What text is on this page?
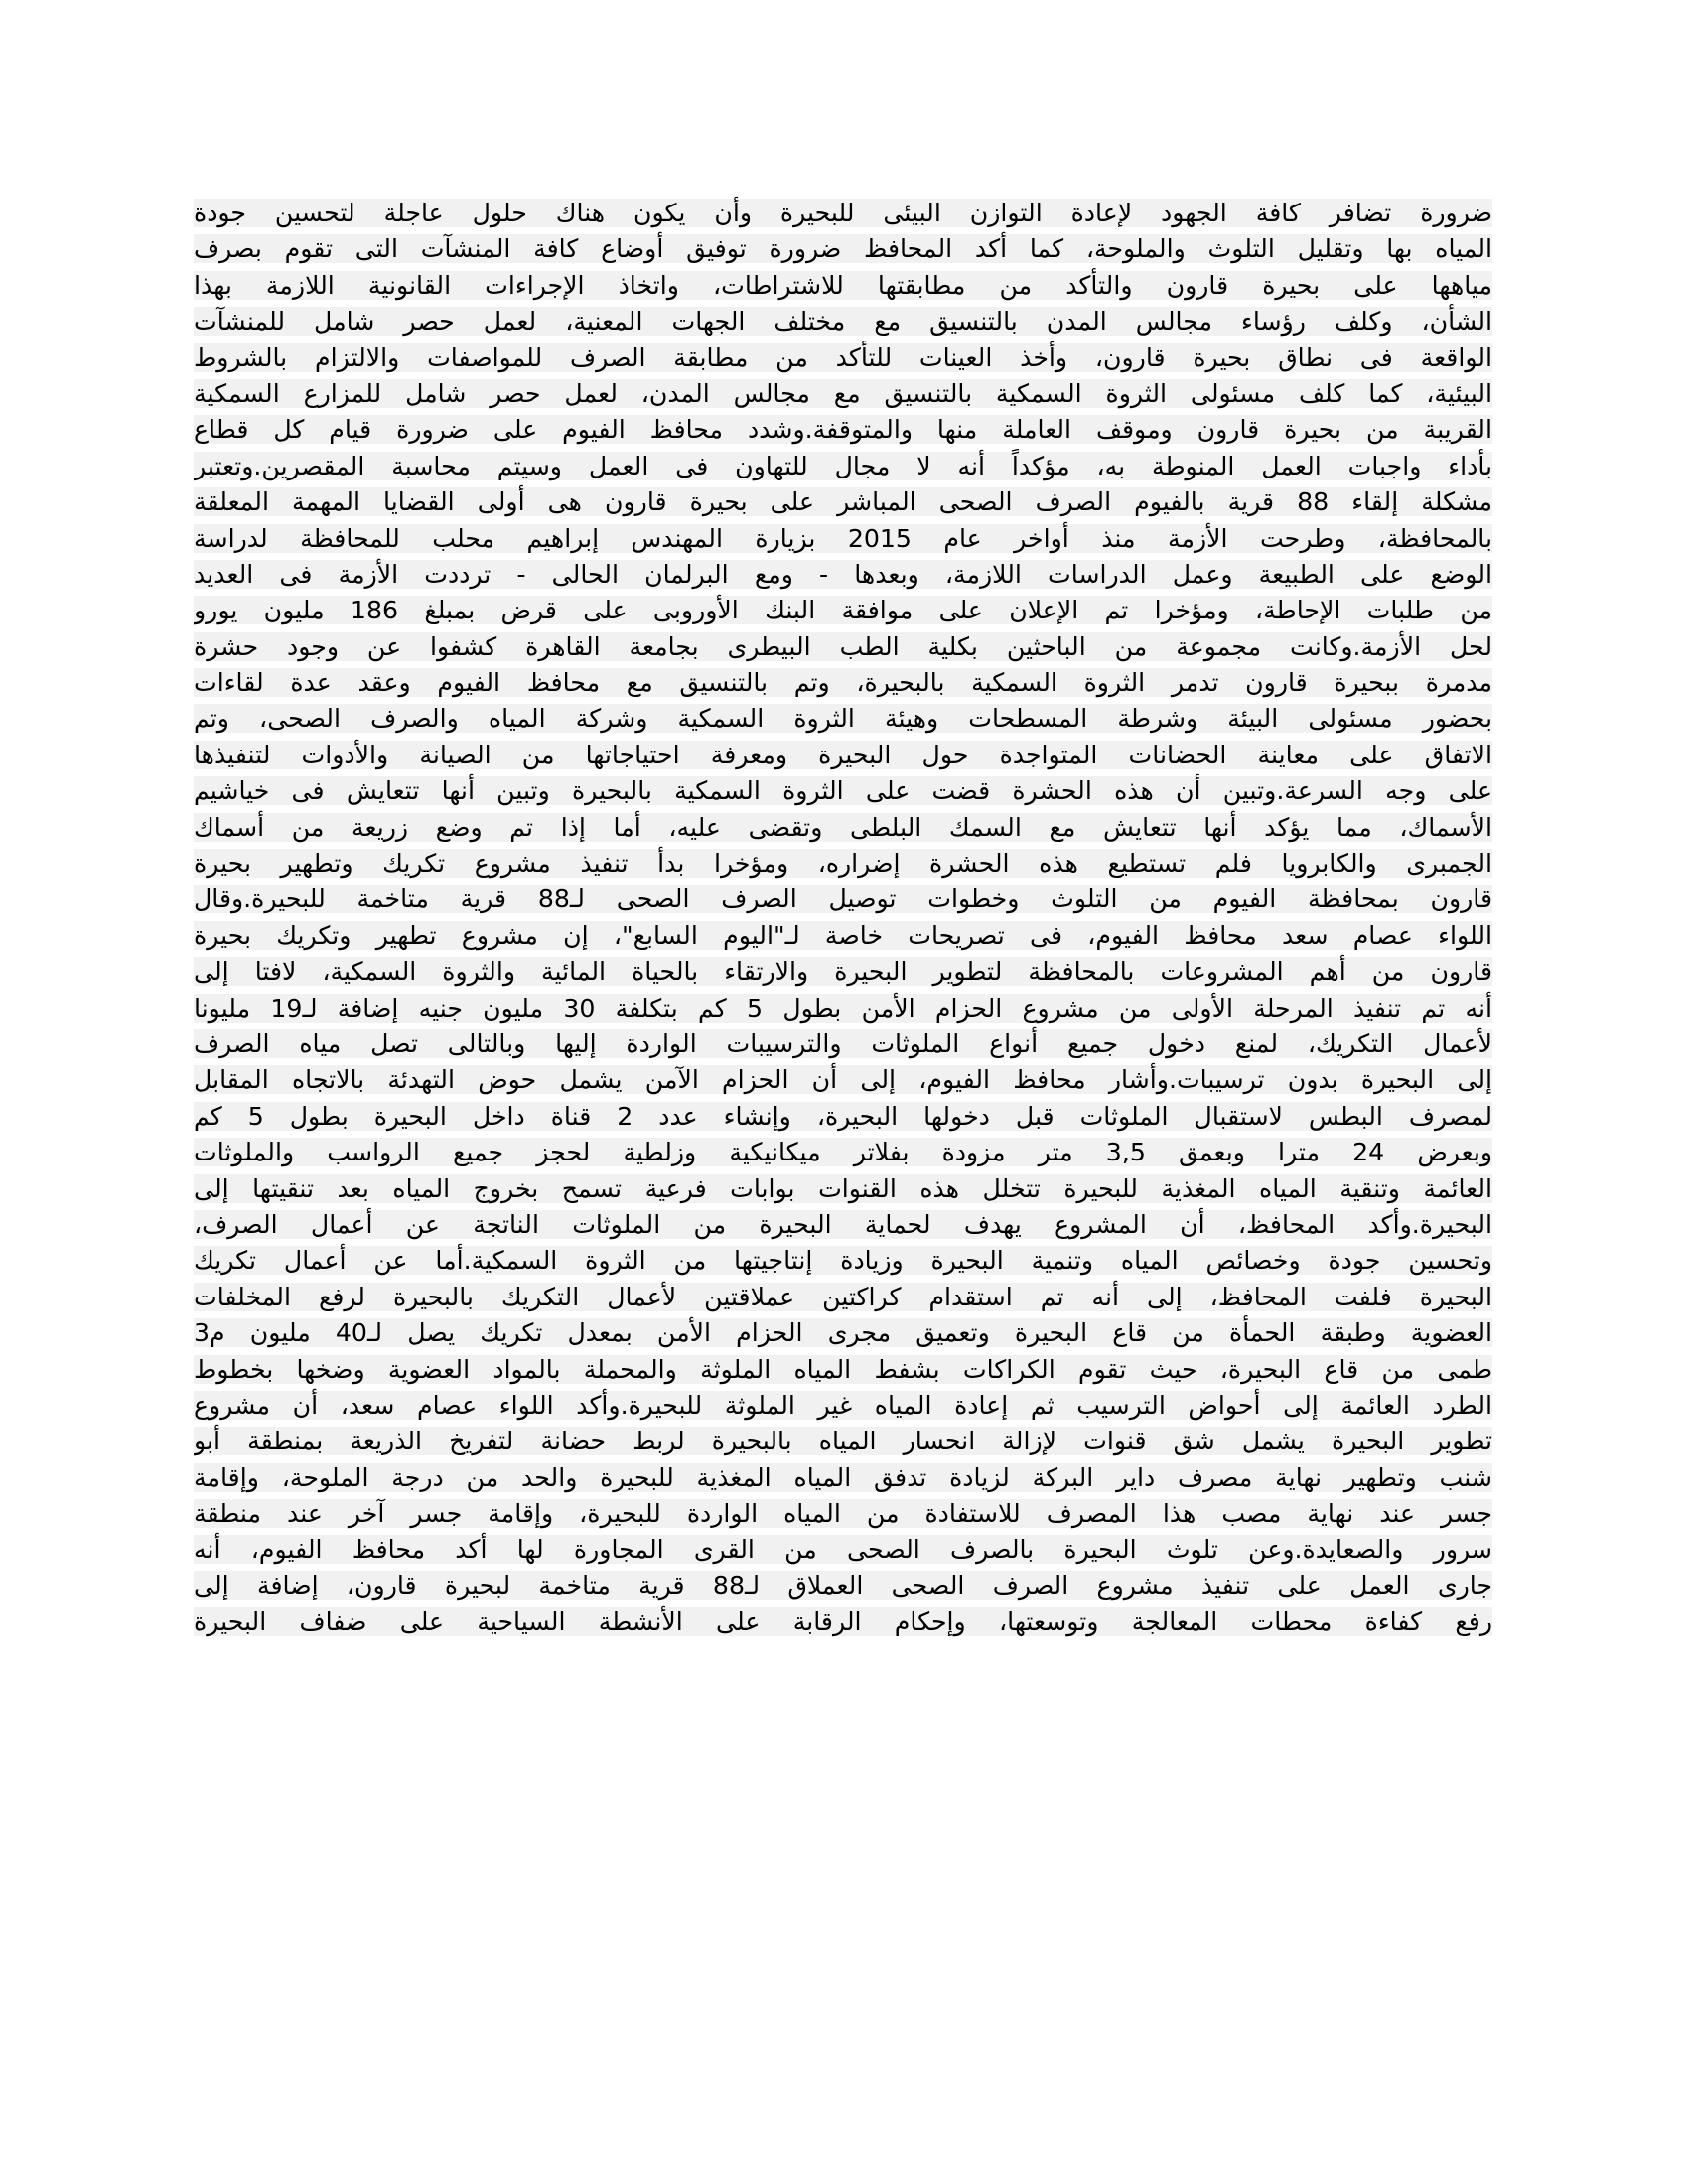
ضرورة تضافر كافة الجهود لإعادة التوازن البيئى للبحيرة وأن يكون هناك حلول عاجلة لتحسين جودة
المياه بها وتقليل التلوث والملوحة، كما أكد المحافظ ضرورة توفيق أوضاع كافة المنشآت التى تقوم بصرف
مياهها على بحيرة قارون والتأكد من مطابقتها للاشتراطات، واتخاذ الإجراءات القانونية اللازمة بهذا
الشأن، وكلف رؤساء مجالس المدن بالتنسيق مع مختلف الجهات المعنية، لعمل حصر شامل للمنشآت
الواقعة فى نطاق بحيرة قارون، وأخذ العينات للتأكد من مطابقة الصرف للمواصفات والالتزام بالشروط
البيئية، كما كلف مسئولى الثروة السمكية بالتنسيق مع مجالس المدن، لعمل حصر شامل للمزارع السمكية
القريبة من بحيرة قارون وموقف العاملة منها والمتوقفة.وشدد محافظ الفيوم على ضرورة قيام كل قطاع
بأداء واجبات العمل المنوطة به، مؤكداً أنه لا مجال للتهاون فى العمل وسيتم محاسبة المقصرين.وتعتبر
مشكلة إلقاء 88 قرية بالفيوم الصرف الصحى المباشر على بحيرة قارون هى أولى القضايا المهمة المعلقة
بالمحافظة، وطرحت الأزمة منذ أواخر عام 2015 بزيارة المهندس إبراهيم محلب للمحافظة لدراسة
الوضع على الطبيعة وعمل الدراسات اللازمة، وبعدها - ومع البرلمان الحالى - ترددت الأزمة فى العديد
من طلبات الإحاطة، ومؤخرا تم الإعلان على موافقة البنك الأوروبى على قرض بمبلغ 186 مليون يورو
لحل الأزمة.وكانت مجموعة من الباحثين بكلية الطب البيطرى بجامعة القاهرة كشفوا عن وجود حشرة
مدمرة ببحيرة قارون تدمر الثروة السمكية بالبحيرة، وتم بالتنسيق مع محافظ الفيوم وعقد عدة لقاءات
بحضور مسئولى البيئة وشرطة المسطحات وهيئة الثروة السمكية وشركة المياه والصرف الصحى، وتم
الاتفاق على معاينة الحضانات المتواجدة حول البحيرة ومعرفة احتياجاتها من الصيانة والأدوات لتنفيذها
على وجه السرعة.وتبين أن هذه الحشرة قضت على الثروة السمكية بالبحيرة وتبين أنها تتعايش فى خياشيم
الأسماك، مما يؤكد أنها تتعايش مع السمك البلطى وتقضى عليه، أما إذا تم وضع زريعة من أسماك
الجمبرى والكابرويا فلم تستطيع هذه الحشرة إضراره، ومؤخرا بدأ تنفيذ مشروع تكريك وتطهير بحيرة
قارون بمحافظة الفيوم من التلوث وخطوات توصيل الصرف الصحى لـ88 قرية متاخمة للبحيرة.وقال
اللواء عصام سعد محافظ الفيوم، فى تصريحات خاصة لـ"اليوم السابع"، إن مشروع تطهير وتكريك بحيرة
قارون من أهم المشروعات بالمحافظة لتطوير البحيرة والارتقاء بالحياة المائية والثروة السمكية، لافتا إلى
أنه تم تنفيذ المرحلة الأولى من مشروع الحزام الأمن بطول 5 كم بتكلفة 30 مليون جنيه إضافة لـ19 مليونا
لأعمال التكريك، لمنع دخول جميع أنواع الملوثات والترسيبات الواردة إليها وبالتالى تصل مياه الصرف
إلى البحيرة بدون ترسيبات.وأشار محافظ الفيوم، إلى أن الحزام الآمن يشمل حوض التهدئة بالاتجاه المقابل
لمصرف البطس لاستقبال الملوثات قبل دخولها البحيرة، وإنشاء عدد 2 قناة داخل البحيرة بطول 5 كم
وبعرض 24 مترا وبعمق 3,5 متر مزودة بفلاتر ميكانيكية وزلطية لحجز جميع الرواسب والملوثات
العائمة وتنقية المياه المغذية للبحيرة تتخلل هذه القنوات بوابات فرعية تسمح بخروج المياه بعد تنقيتها إلى
البحيرة.وأكد المحافظ، أن المشروع يهدف لحماية البحيرة من الملوثات الناتجة عن أعمال الصرف،
وتحسين جودة وخصائص المياه وتنمية البحيرة وزيادة إنتاجيتها من الثروة السمكية.أما عن أعمال تكريك
البحيرة فلفت المحافظ، إلى أنه تم استقدام كراكتين عملاقتين لأعمال التكريك بالبحيرة لرفع المخلفات
العضوية وطبقة الحمأة من قاع البحيرة وتعميق مجرى الحزام الأمن بمعدل تكريك يصل لـ40 مليون م3
طمى من قاع البحيرة، حيث تقوم الكراكات بشفط المياه الملوثة والمحملة بالمواد العضوية وضخها بخطوط
الطرد العائمة إلى أحواض الترسيب ثم إعادة المياه غير الملوثة للبحيرة.وأكد اللواء عصام سعد، أن مشروع
تطوير البحيرة يشمل شق قنوات لإزالة انحسار المياه بالبحيرة لربط حضانة لتفريخ الذريعة بمنطقة أبو
شنب وتطهير نهاية مصرف داير البركة لزيادة تدفق المياه المغذية للبحيرة والحد من درجة الملوحة، وإقامة
جسر عند نهاية مصب هذا المصرف للاستفادة من المياه الواردة للبحيرة، وإقامة جسر آخر عند منطقة
سرور والصعايدة.وعن تلوث البحيرة بالصرف الصحى من القرى المجاورة لها أكد محافظ الفيوم، أنه
جارى العمل على تنفيذ مشروع الصرف الصحى العملاق لـ88 قرية متاخمة لبحيرة قارون، إضافة إلى
رفع كفاءة محطات المعالجة وتوسعتها، وإحكام الرقابة على الأنشطة السياحية على ضفاف البحيرة
